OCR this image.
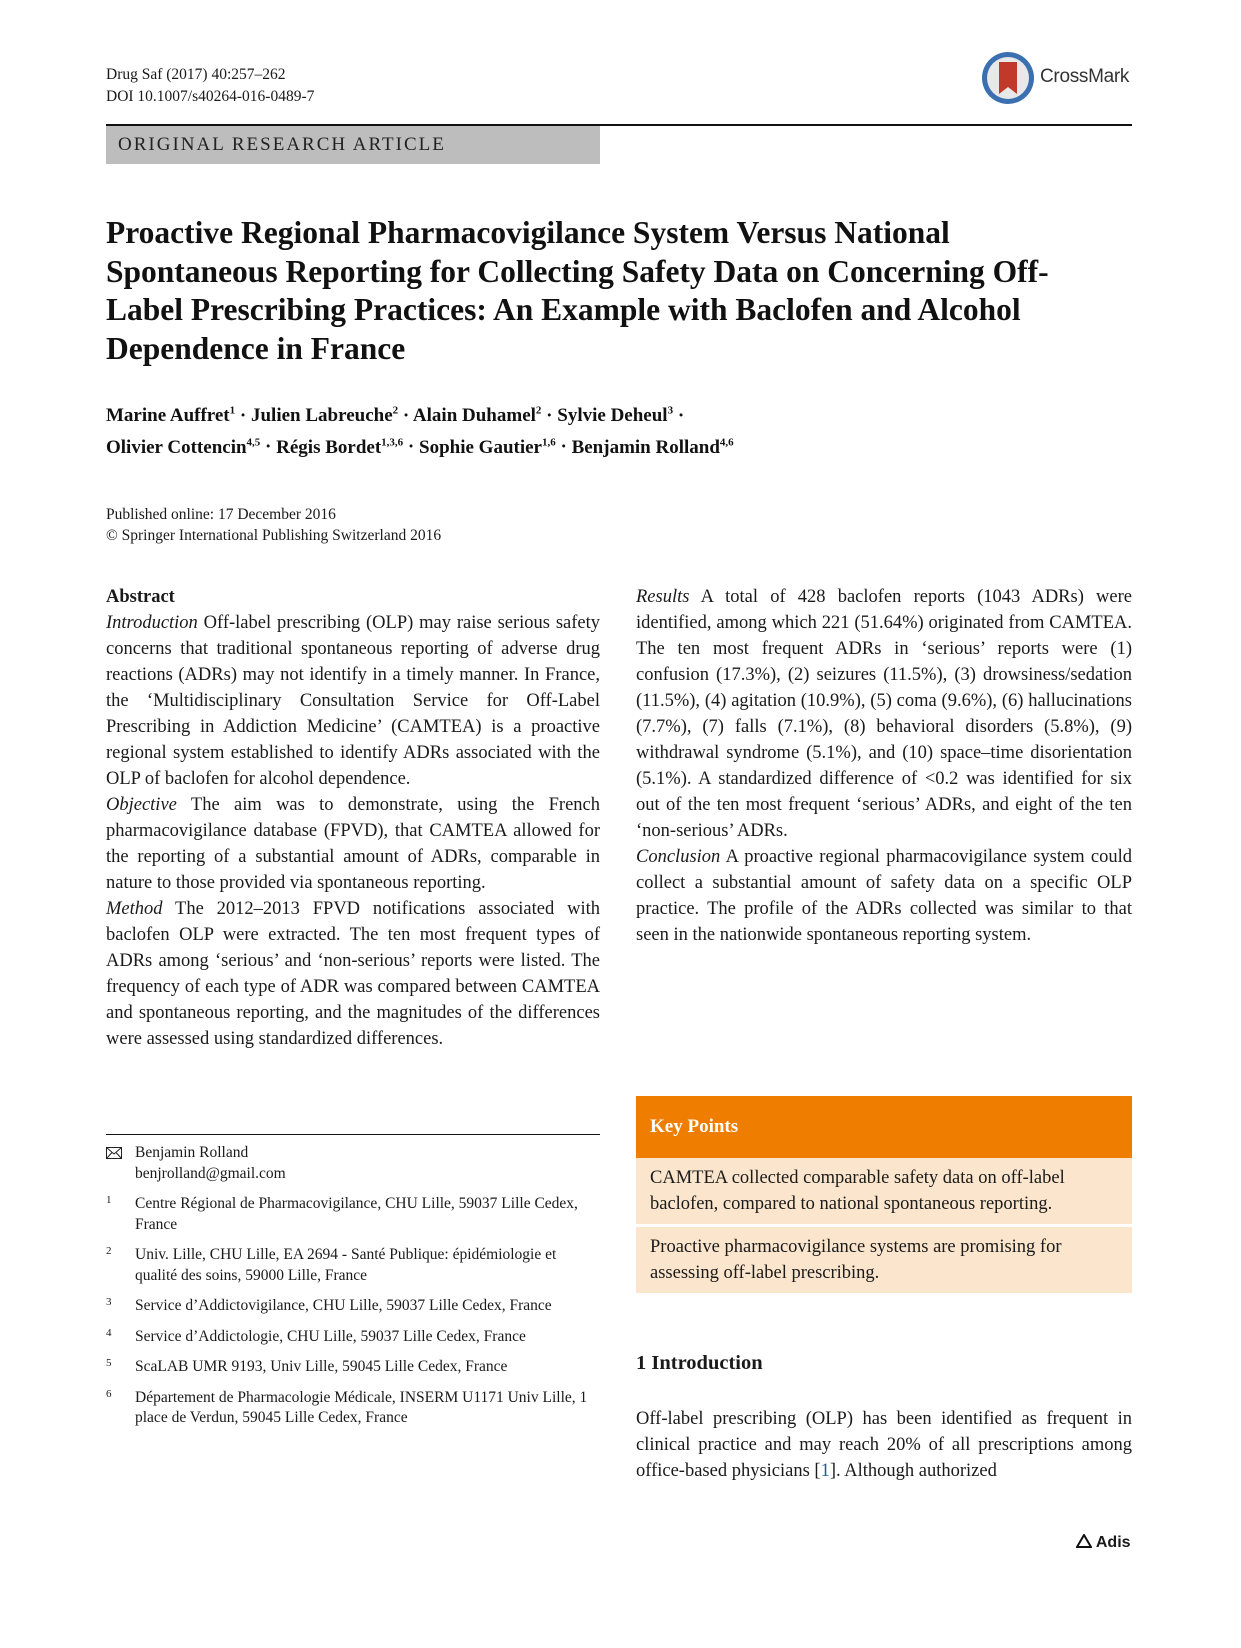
Drug Saf (2017) 40:257–262
DOI 10.1007/s40264-016-0489-7
CrossMark
ORIGINAL RESEARCH ARTICLE
Proactive Regional Pharmacovigilance System Versus National Spontaneous Reporting for Collecting Safety Data on Concerning Off-Label Prescribing Practices: An Example with Baclofen and Alcohol Dependence in France
Marine Auffret$^1$ · Julien Labreuche$^2$ · Alain Duhamel$^2$ · Sylvie Deheul$^3$ ·
Olivier Cottencin$^{4,5}$ · Régis Bordet$^{1,3,6}$ · Sophie Gautier$^{1,6}$ · Benjamin Rolland$^{4,6}$
Published online: 17 December 2016
© Springer International Publishing Switzerland 2016

Abstract

Introduction Off-label prescribing (OLP) may raise serious safety concerns that traditional spontaneous reporting of adverse drug reactions (ADRs) may not identify in a timely manner. In France, the ‘Multidisciplinary Consultation Service for Off-Label Prescribing in Addiction Medicine’ (CAMTEA) is a proactive regional system established to identify ADRs associated with the OLP of baclofen for alcohol dependence.

Objective The aim was to demonstrate, using the French pharmacovigilance database (FPVD), that CAMTEA allowed for the reporting of a substantial amount of ADRs, comparable in nature to those provided via spontaneous reporting.

Method The 2012–2013 FPVD notifications associated with baclofen OLP were extracted. The ten most frequent types of ADRs among ‘serious’ and ‘non-serious’ reports were listed. The frequency of each type of ADR was compared between CAMTEA and spontaneous reporting, and the magnitudes of the differences were assessed using standardized differences.

Results A total of 428 baclofen reports (1043 ADRs) were identified, among which 221 (51.64%) originated from CAMTEA. The ten most frequent ADRs in ‘serious’ reports were (1) confusion (17.3%), (2) seizures (11.5%), (3) drowsiness/sedation (11.5%), (4) agitation (10.9%), (5) coma (9.6%), (6) hallucinations (7.7%), (7) falls (7.1%), (8) behavioral disorders (5.8%), (9) withdrawal syndrome (5.1%), and (10) space–time disorientation (5.1%). A standardized difference of <0.2 was identified for six out of the ten most frequent ‘serious’ ADRs, and eight of the ten ‘non-serious’ ADRs.

Conclusion A proactive regional pharmacovigilance system could collect a substantial amount of safety data on a specific OLP practice. The profile of the ADRs collected was similar to that seen in the nationwide spontaneous reporting system.

Benjamin Rolland
benjrolland@gmail.com
1 Centre Régional de Pharmacovigilance, CHU Lille, 59037 Lille Cedex, France
2 Univ. Lille, CHU Lille, EA 2694 - Santé Publique: épidémiologie et qualité des soins, 59000 Lille, France
3 Service d’Addictovigilance, CHU Lille, 59037 Lille Cedex, France
4 Service d’Addictologie, CHU Lille, 59037 Lille Cedex, France
5 ScaLAB UMR 9193, Univ Lille, 59045 Lille Cedex, France
6 Département de Pharmacologie Médicale, INSERM U1171 Univ Lille, 1 place de Verdun, 59045 Lille Cedex, France
Key Points
CAMTEA collected comparable safety data on off-label baclofen, compared to national spontaneous reporting.
Proactive pharmacovigilance systems are promising for assessing off-label prescribing.
1 Introduction

Off-label prescribing (OLP) has been identified as frequent in clinical practice and may reach 20% of all prescriptions among office-based physicians [1]. Although authorized

Adis
